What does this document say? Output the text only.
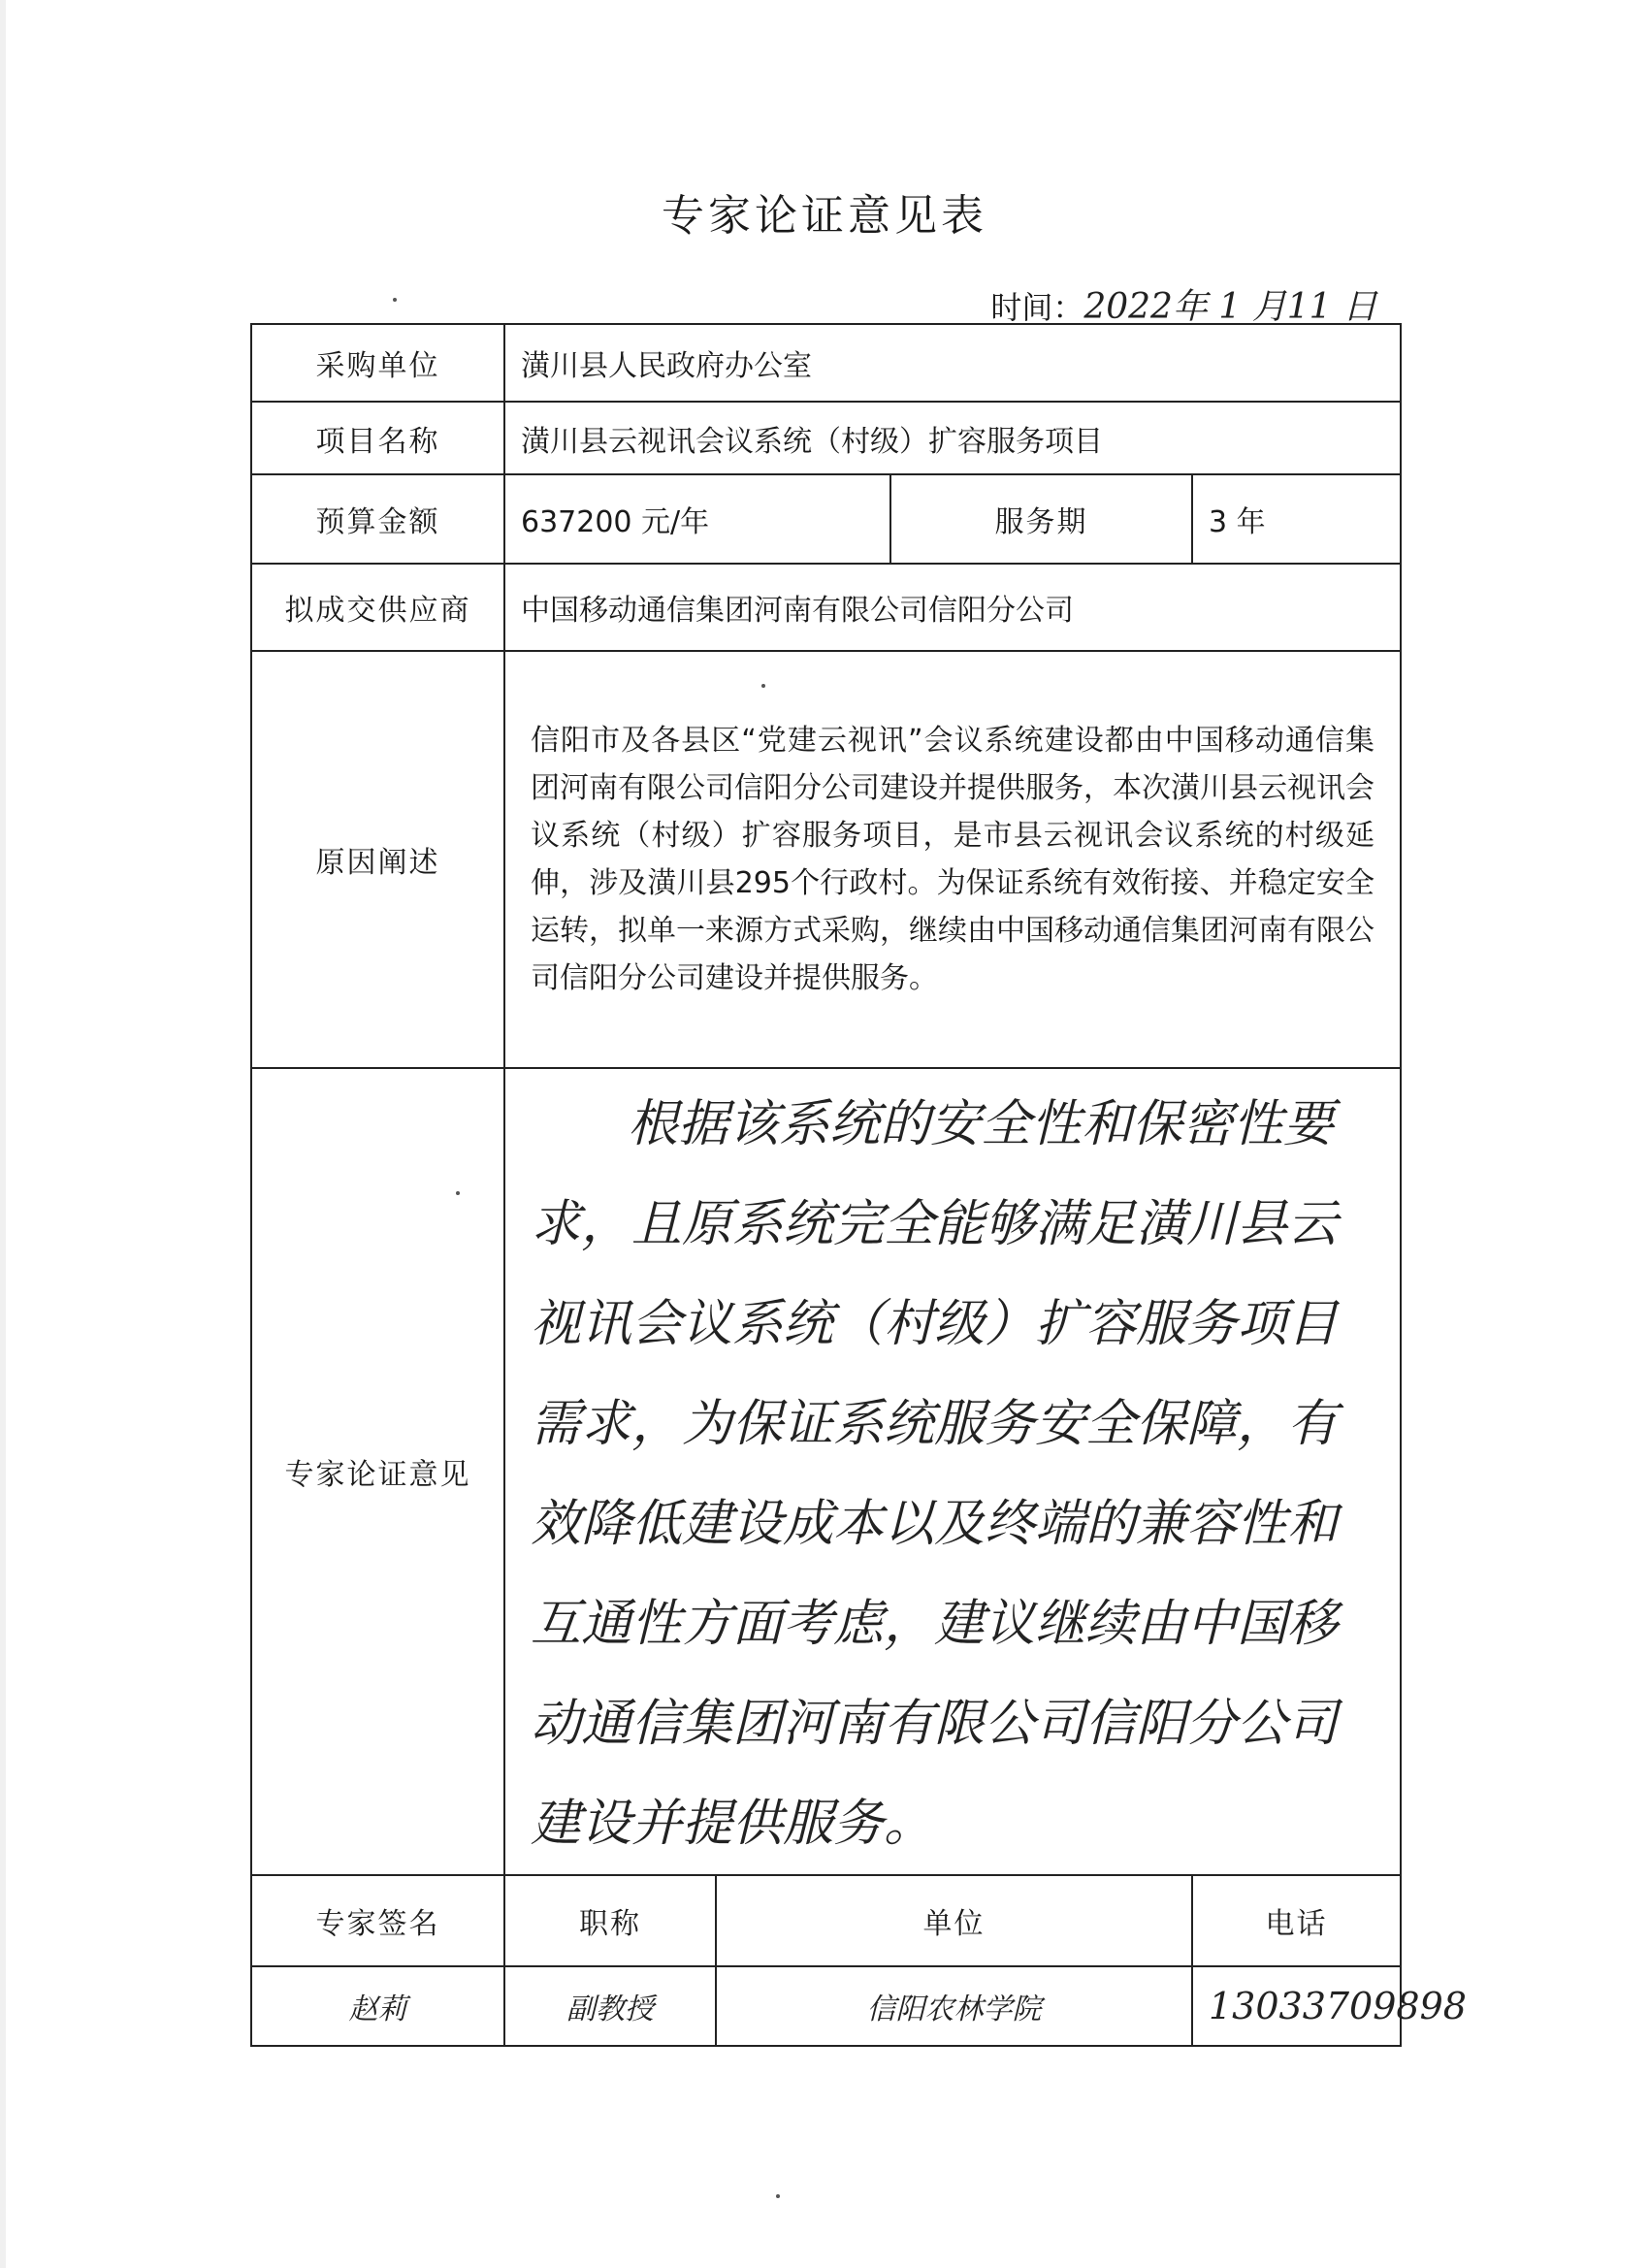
专家论证意见表
时间：2022年 1 月11 日
采购单位	潢川县人民政府办公室			
项目名称	潢川县云视讯会议系统（村级）扩容服务项目			
预算金额	637200 元/年		服务期	3 年
拟成交供应商	中国移动通信集团河南有限公司信阳分公司			
原因阐述	信阳市及各县区“党建云视讯”会议系统建设都由中国移动通信集团河南有限公司信阳分公司建设并提供服务，本次潢川县云视讯会议系统（村级）扩容服务项目，是市县云视讯会议系统的村级延伸，涉及潢川县295个行政村。为保证系统有效衔接、并稳定安全运转，拟单一来源方式采购，继续由中国移动通信集团河南有限公司信阳分公司建设并提供服务。			

专家论证意见	根据该系统的安全性和保密性要求，且原系统完全能够满足潢川县云视讯会议系统（村级）扩容服务项目需求，为保证系统服务安全保障，有效降低建设成本以及终端的兼容性和互通性方面考虑，建议继续由中国移动通信集团河南有限公司信阳分公司建设并提供服务。			

专家签名	职称	单位		电话
赵莉	副教授	信阳农林学院		13033709898
